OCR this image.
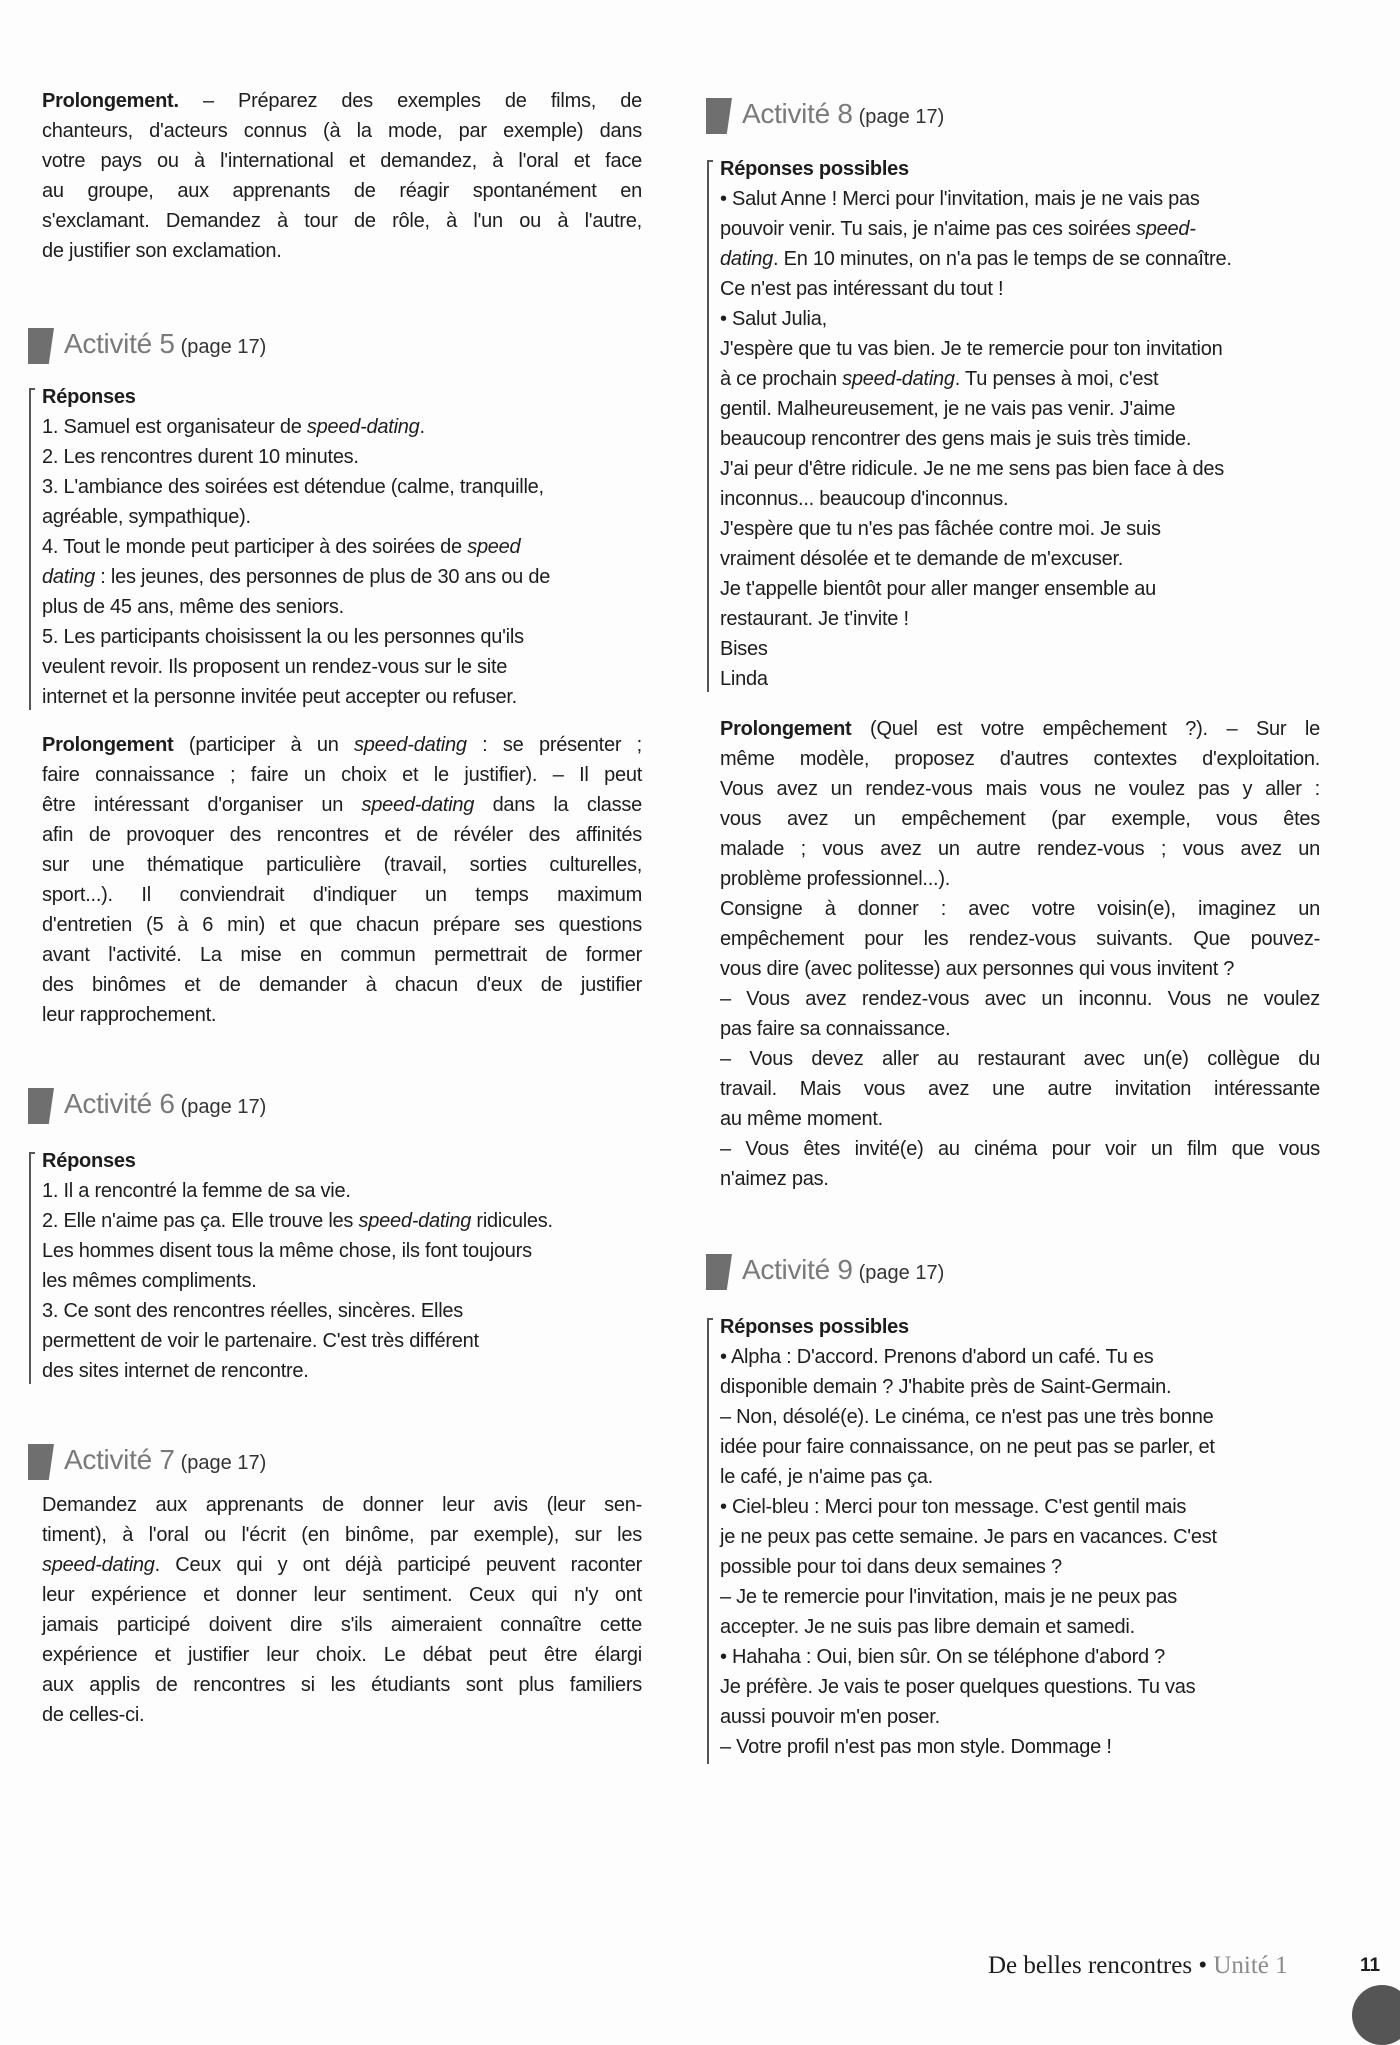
Prolongement. – Préparez des exemples de films, de
chanteurs, d'acteurs connus (à la mode, par exemple) dans
votre pays ou à l'international et demandez, à l'oral et face
au groupe, aux apprenants de réagir spontanément en
s'exclamant. Demandez à tour de rôle, à l'un ou à l'autre,
de justifier son exclamation.
Activité 5 (page 17)
Réponses
1. Samuel est organisateur de speed-dating.
2. Les rencontres durent 10 minutes.
3. L'ambiance des soirées est détendue (calme, tranquille,
agréable, sympathique).
4. Tout le monde peut participer à des soirées de speed
dating : les jeunes, des personnes de plus de 30 ans ou de
plus de 45 ans, même des seniors.
5. Les participants choisissent la ou les personnes qu'ils
veulent revoir. Ils proposent un rendez-vous sur le site
internet et la personne invitée peut accepter ou refuser.
Prolongement (participer à un speed-dating : se présenter ;
faire connaissance ; faire un choix et le justifier). – Il peut
être intéressant d'organiser un speed-dating dans la classe
afin de provoquer des rencontres et de révéler des affinités
sur une thématique particulière (travail, sorties culturelles,
sport...). Il conviendrait d'indiquer un temps maximum
d'entretien (5 à 6 min) et que chacun prépare ses questions
avant l'activité. La mise en commun permettrait de former
des binômes et de demander à chacun d'eux de justifier
leur rapprochement.
Activité 6 (page 17)
Réponses
1. Il a rencontré la femme de sa vie.
2. Elle n'aime pas ça. Elle trouve les speed-dating ridicules.
Les hommes disent tous la même chose, ils font toujours
les mêmes compliments.
3. Ce sont des rencontres réelles, sincères. Elles
permettent de voir le partenaire. C'est très différent
des sites internet de rencontre.
Activité 7 (page 17)
Demandez aux apprenants de donner leur avis (leur sen-
timent), à l'oral ou l'écrit (en binôme, par exemple), sur les
speed-dating. Ceux qui y ont déjà participé peuvent raconter
leur expérience et donner leur sentiment. Ceux qui n'y ont
jamais participé doivent dire s'ils aimeraient connaître cette
expérience et justifier leur choix. Le débat peut être élargi
aux applis de rencontres si les étudiants sont plus familiers
de celles-ci.
Activité 8 (page 17)
Réponses possibles
• Salut Anne ! Merci pour l'invitation, mais je ne vais pas
pouvoir venir. Tu sais, je n'aime pas ces soirées speed-
dating. En 10 minutes, on n'a pas le temps de se connaître.
Ce n'est pas intéressant du tout !
• Salut Julia,
J'espère que tu vas bien. Je te remercie pour ton invitation
à ce prochain speed-dating. Tu penses à moi, c'est
gentil. Malheureusement, je ne vais pas venir. J'aime
beaucoup rencontrer des gens mais je suis très timide.
J'ai peur d'être ridicule. Je ne me sens pas bien face à des
inconnus... beaucoup d'inconnus.
J'espère que tu n'es pas fâchée contre moi. Je suis
vraiment désolée et te demande de m'excuser.
Je t'appelle bientôt pour aller manger ensemble au
restaurant. Je t'invite !
Bises
Linda
Prolongement (Quel est votre empêchement ?). – Sur le
même modèle, proposez d'autres contextes d'exploitation.
Vous avez un rendez-vous mais vous ne voulez pas y aller :
vous avez un empêchement (par exemple, vous êtes
malade ; vous avez un autre rendez-vous ; vous avez un
problème professionnel...).
Consigne à donner : avec votre voisin(e), imaginez un
empêchement pour les rendez-vous suivants. Que pouvez-
vous dire (avec politesse) aux personnes qui vous invitent ?
– Vous avez rendez-vous avec un inconnu. Vous ne voulez
pas faire sa connaissance.
– Vous devez aller au restaurant avec un(e) collègue du
travail. Mais vous avez une autre invitation intéressante
au même moment.
– Vous êtes invité(e) au cinéma pour voir un film que vous
n'aimez pas.
Activité 9 (page 17)
Réponses possibles
• Alpha : D'accord. Prenons d'abord un café. Tu es
disponible demain ? J'habite près de Saint-Germain.
– Non, désolé(e). Le cinéma, ce n'est pas une très bonne
idée pour faire connaissance, on ne peut pas se parler, et
le café, je n'aime pas ça.
• Ciel-bleu : Merci pour ton message. C'est gentil mais
je ne peux pas cette semaine. Je pars en vacances. C'est
possible pour toi dans deux semaines ?
– Je te remercie pour l'invitation, mais je ne peux pas
accepter. Je ne suis pas libre demain et samedi.
• Hahaha : Oui, bien sûr. On se téléphone d'abord ?
Je préfère. Je vais te poser quelques questions. Tu vas
aussi pouvoir m'en poser.
– Votre profil n'est pas mon style. Dommage !
De belles rencontres • Unité 1	11
